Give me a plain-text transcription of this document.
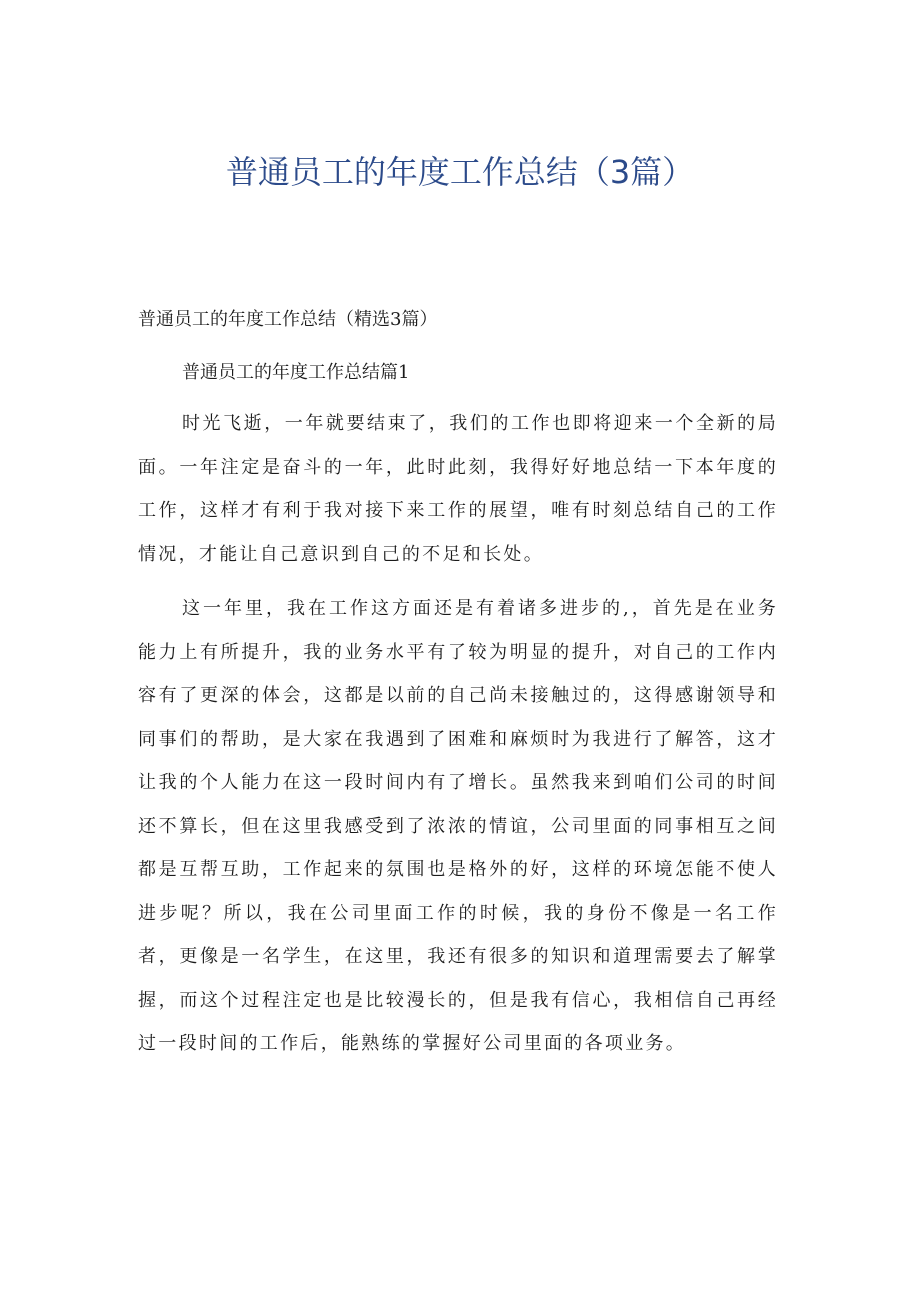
普通员工的年度工作总结（3篇）

普通员工的年度工作总结（精选3篇）

普通员工的年度工作总结篇1

时光飞逝，一年就要结束了，我们的工作也即将迎来一个全新的局面。一年注定是奋斗的一年，此时此刻，我得好好地总结一下本年度的工作，这样才有利于我对接下来工作的展望，唯有时刻总结自己的工作情况，才能让自己意识到自己的不足和长处。

这一年里，我在工作这方面还是有着诸多进步的,，首先是在业务能力上有所提升，我的业务水平有了较为明显的提升，对自己的工作内容有了更深的体会，这都是以前的自己尚未接触过的，这得感谢领导和同事们的帮助，是大家在我遇到了困难和麻烦时为我进行了解答，这才让我的个人能力在这一段时间内有了增长。虽然我来到咱们公司的时间还不算长，但在这里我感受到了浓浓的情谊，公司里面的同事相互之间都是互帮互助，工作起来的氛围也是格外的好，这样的环境怎能不使人进步呢？所以，我在公司里面工作的时候，我的身份不像是一名工作者，更像是一名学生，在这里，我还有很多的知识和道理需要去了解掌握，而这个过程注定也是比较漫长的，但是我有信心，我相信自己再经过一段时间的工作后，能熟练的掌握好公司里面的各项业务。
